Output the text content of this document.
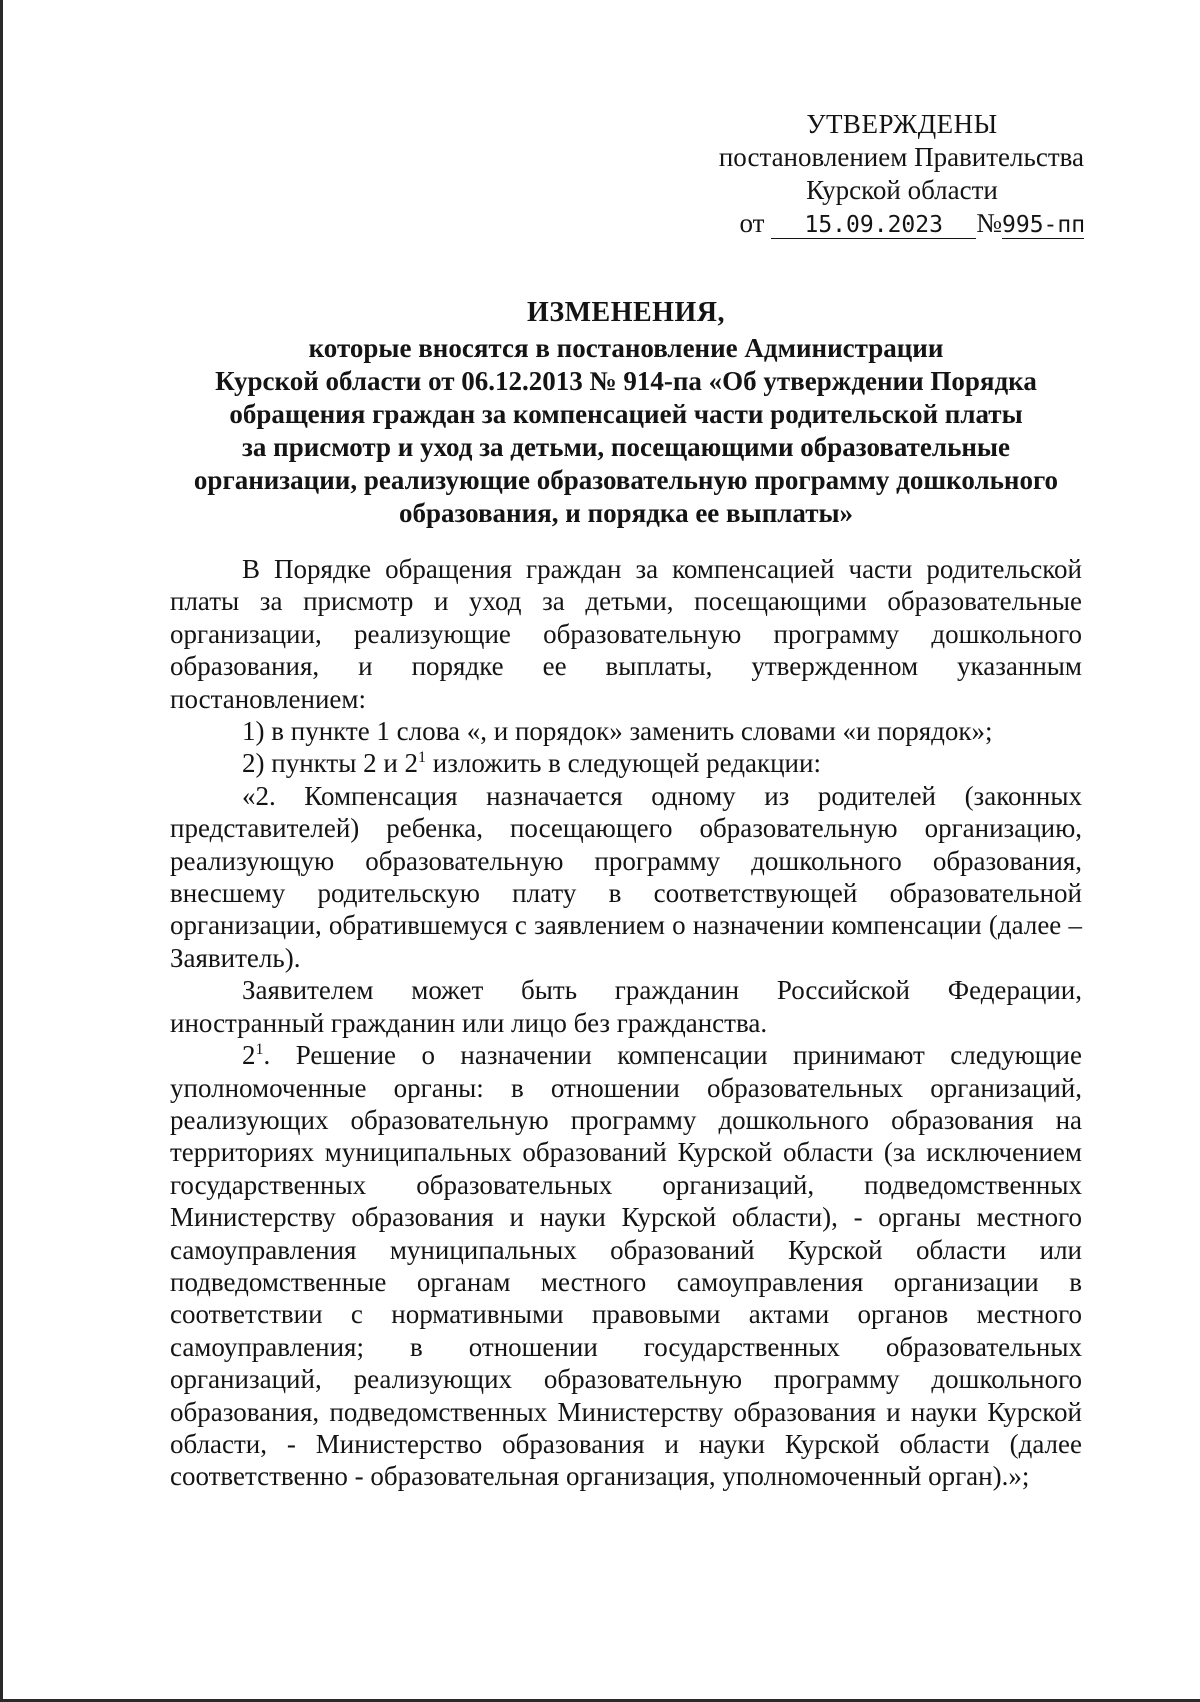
УТВЕРЖДЕНЫ
постановлением Правительства
Курской области
от 15.09.2023 №995-пп
ИЗМЕНЕНИЯ,
которые вносятся в постановление Администрации
Курской области от 06.12.2013 № 914-па «Об утверждении Порядка
обращения граждан за компенсацией части родительской платы
за присмотр и уход за детьми, посещающими образовательные
организации, реализующие образовательную программу дошкольного
образования, и порядка ее выплаты»

В Порядке обращения граждан за компенсацией части родительской платы за присмотр и уход за детьми, посещающими образовательные организации, реализующие образовательную программу дошкольного образования, и порядке ее выплаты, утвержденном указанным постановлением:

1) в пункте 1 слова «, и порядок» заменить словами «и порядок»;

2) пункты 2 и $2^1$ изложить в следующей редакции:

«2. Компенсация назначается одному из родителей (законных представителей) ребенка, посещающего образовательную организацию, реализующую образовательную программу дошкольного образования, внесшему родительскую плату в соответствующей образовательной организации, обратившемуся с заявлением о назначении компенсации (далее – Заявитель).

Заявителем может быть гражданин Российской Федерации, иностранный гражданин или лицо без гражданства.

$2^1$. Решение о назначении компенсации принимают следующие уполномоченные органы: в отношении образовательных организаций, реализующих образовательную программу дошкольного образования на территориях муниципальных образований Курской области (за исключением государственных образовательных организаций, подведомственных Министерству образования и науки Курской области), - органы местного самоуправления муниципальных образований Курской области или подведомственные органам местного самоуправления организации в соответствии с нормативными правовыми актами органов местного самоуправления; в отношении государственных образовательных организаций, реализующих образовательную программу дошкольного образования, подведомственных Министерству образования и науки Курской области, - Министерство образования и науки Курской области (далее соответственно - образовательная организация, уполномоченный орган).»;
